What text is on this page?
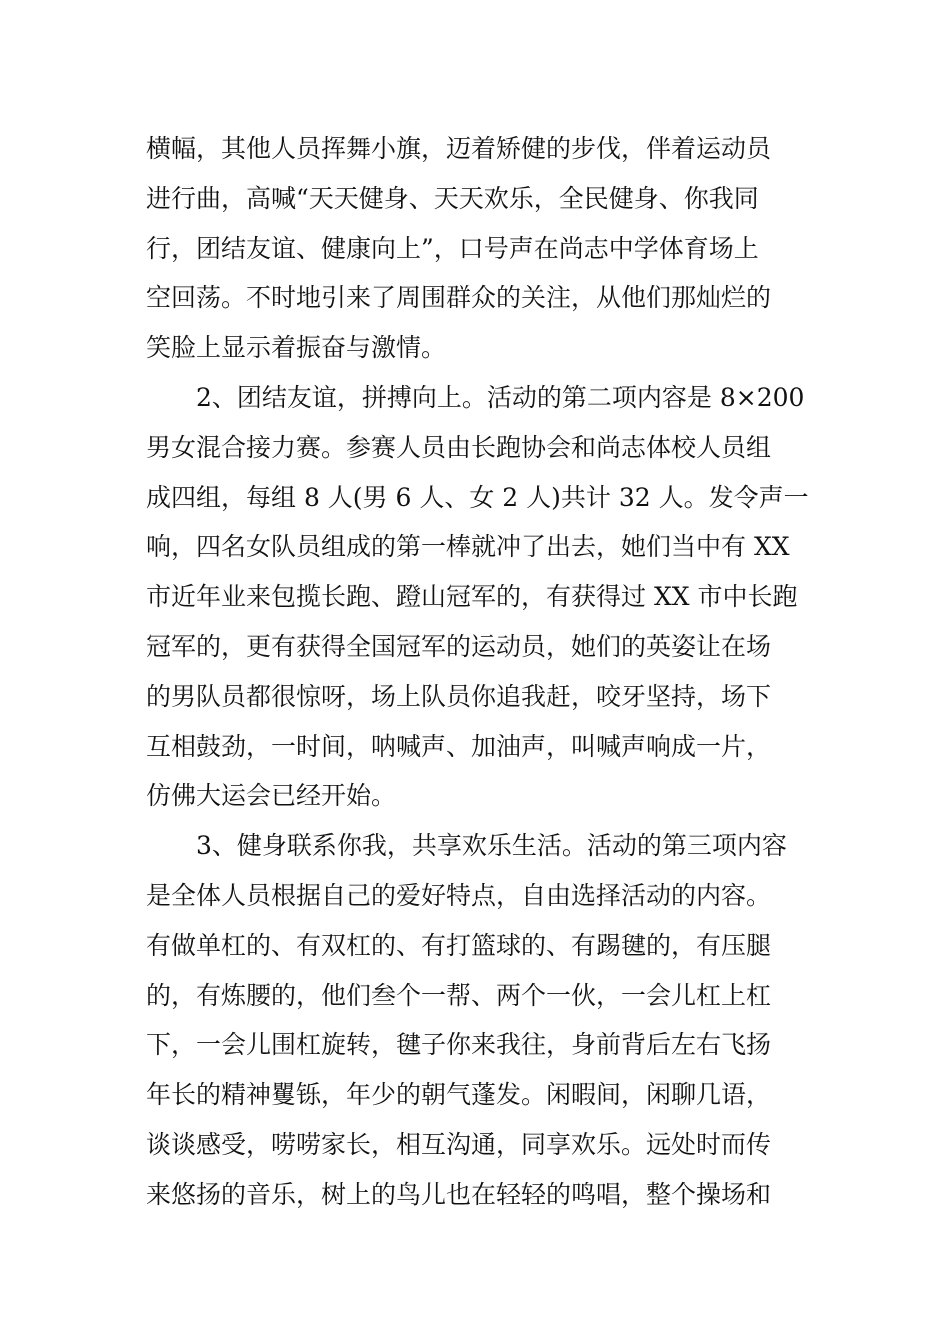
横幅，其他人员挥舞小旗，迈着矫健的步伐，伴着运动员
进行曲，高喊“天天健身、天天欢乐，全民健身、你我同
行，团结友谊、健康向上”，口号声在尚志中学体育场上
空回荡。不时地引来了周围群众的关注，从他们那灿烂的
笑脸上显示着振奋与激情。
2、团结友谊，拼搏向上。活动的第二项内容是 8×200
男女混合接力赛。参赛人员由长跑协会和尚志体校人员组
成四组，每组 8 人(男 6 人、女 2 人)共计 32 人。发令声一
响，四名女队员组成的第一棒就冲了出去，她们当中有 XX
市近年业来包揽长跑、蹬山冠军的，有获得过 XX 市中长跑
冠军的，更有获得全国冠军的运动员，她们的英姿让在场
的男队员都很惊呀，场上队员你追我赶，咬牙坚持，场下
互相鼓劲，一时间，呐喊声、加油声，叫喊声响成一片，
仿佛大运会已经开始。
3、健身联系你我，共享欢乐生活。活动的第三项内容
是全体人员根据自己的爱好特点，自由选择活动的内容。
有做单杠的、有双杠的、有打篮球的、有踢毽的，有压腿
的，有炼腰的，他们叁个一帮、两个一伙，一会儿杠上杠
下，一会儿围杠旋转，毽子你来我往，身前背后左右飞扬
年长的精神矍铄，年少的朝气蓬发。闲暇间，闲聊几语，
谈谈感受，唠唠家长，相互沟通，同享欢乐。远处时而传
来悠扬的音乐，树上的鸟儿也在轻轻的鸣唱，整个操场和
